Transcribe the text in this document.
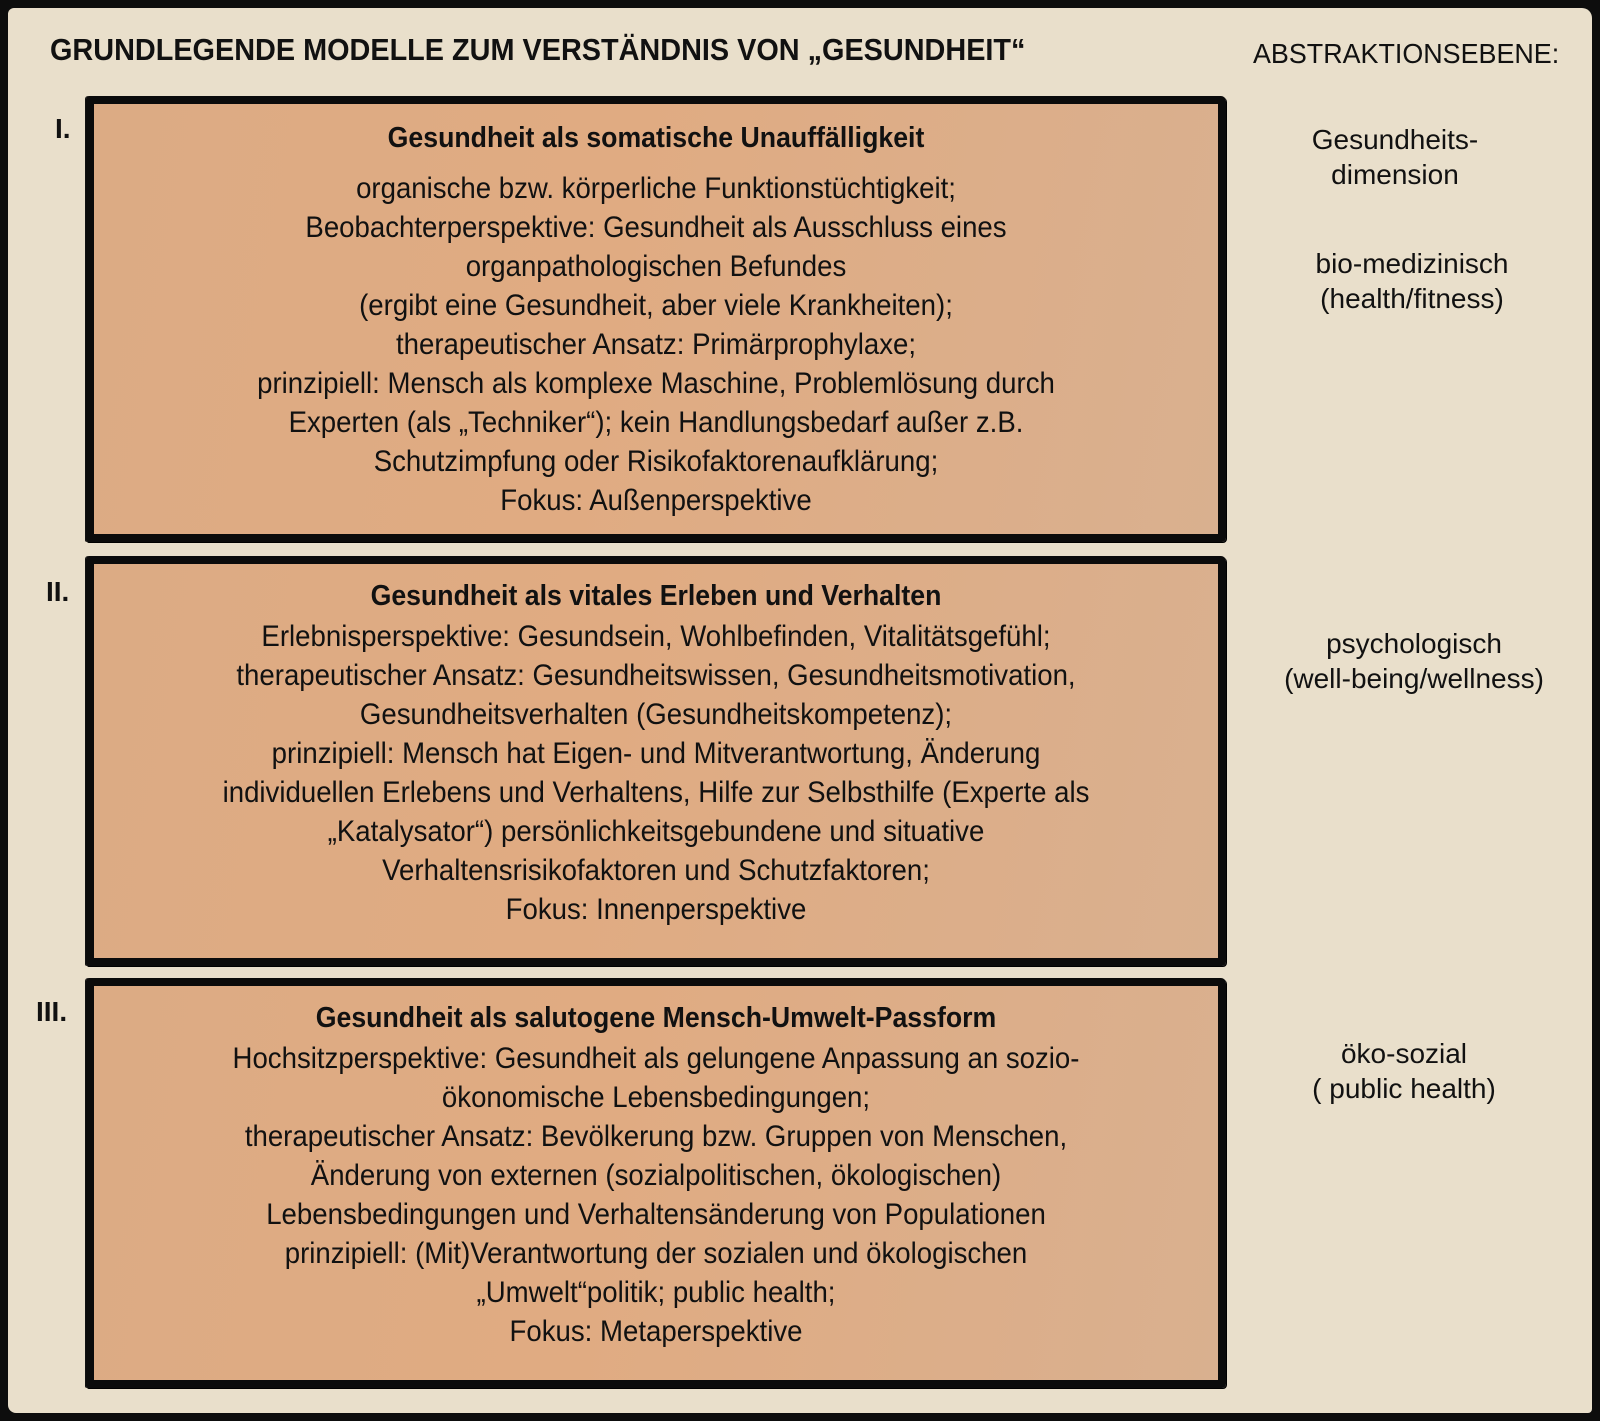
GRUNDLEGENDE MODELLE ZUM VERSTÄNDNIS VON „GESUNDHEIT“	ABSTRAKTIONSEBENE:
I.	Gesundheit als somatische Unauffälligkeit
organische bzw. körperliche Funktionstüchtigkeit;
Beobachterperspektive: Gesundheit als Ausschluss eines
organpathologischen Befundes
(ergibt eine Gesundheit, aber viele Krankheiten);
therapeutischer Ansatz: Primärprophylaxe;
prinzipiell: Mensch als komplexe Maschine, Problemlösung durch
Experten (als „Techniker“); kein Handlungsbedarf außer z.B.
Schutzimpfung oder Risikofaktorenaufklärung;
Fokus: Außenperspektive
II.	Gesundheit als vitales Erleben und Verhalten
Erlebnisperspektive: Gesundsein, Wohlbefinden, Vitalitätsgefühl;
therapeutischer Ansatz: Gesundheitswissen, Gesundheitsmotivation,
Gesundheitsverhalten (Gesundheitskompetenz);
prinzipiell: Mensch hat Eigen- und Mitverantwortung, Änderung
individuellen Erlebens und Verhaltens, Hilfe zur Selbsthilfe (Experte als
„Katalysator“) persönlichkeitsgebundene und situative
Verhaltensrisikofaktoren und Schutzfaktoren;
Fokus: Innenperspektive
III.	Gesundheit als salutogene Mensch-Umwelt-Passform
Hochsitzperspektive: Gesundheit als gelungene Anpassung an sozio-
ökonomische Lebensbedingungen;
therapeutischer Ansatz: Bevölkerung bzw. Gruppen von Menschen,
Änderung von externen (sozialpolitischen, ökologischen)
Lebensbedingungen und Verhaltensänderung von Populationen
prinzipiell: (Mit)Verantwortung der sozialen und ökologischen
„Umwelt“politik; public health;
Fokus: Metaperspektive
Gesundheits-
dimension
bio-medizinisch
(health/fitness)
psychologisch
(well-being/wellness)
öko-sozial
( public health)
